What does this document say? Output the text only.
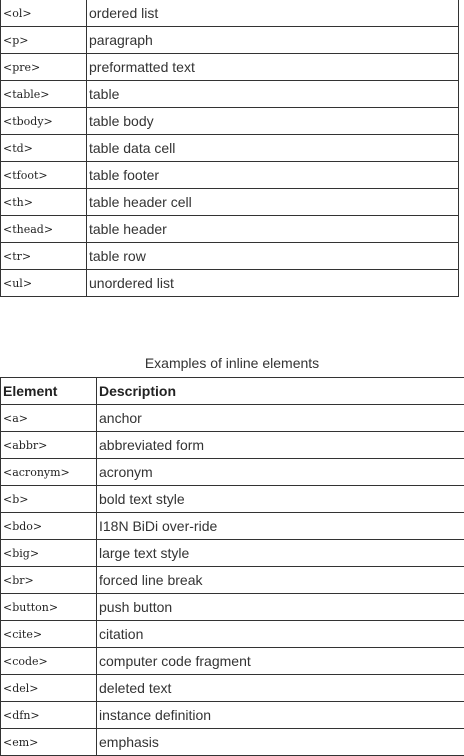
<ol>	ordered list
<p>	paragraph
<pre>	preformatted text
<table>	table
<tbody>	table body
<td>	table data cell
<tfoot>	table footer
<th>	table header cell
<thead>	table header
<tr>	table row
<ul>	unordered list
Examples of inline elements
Element	Description
<a>	anchor
<abbr>	abbreviated form
<acronym>	acronym
<b>	bold text style
<bdo>	I18N BiDi over-ride
<big>	large text style
<br>	forced line break
<button>	push button
<cite>	citation
<code>	computer code fragment
<del>	deleted text
<dfn>	instance definition
<em>	emphasis
